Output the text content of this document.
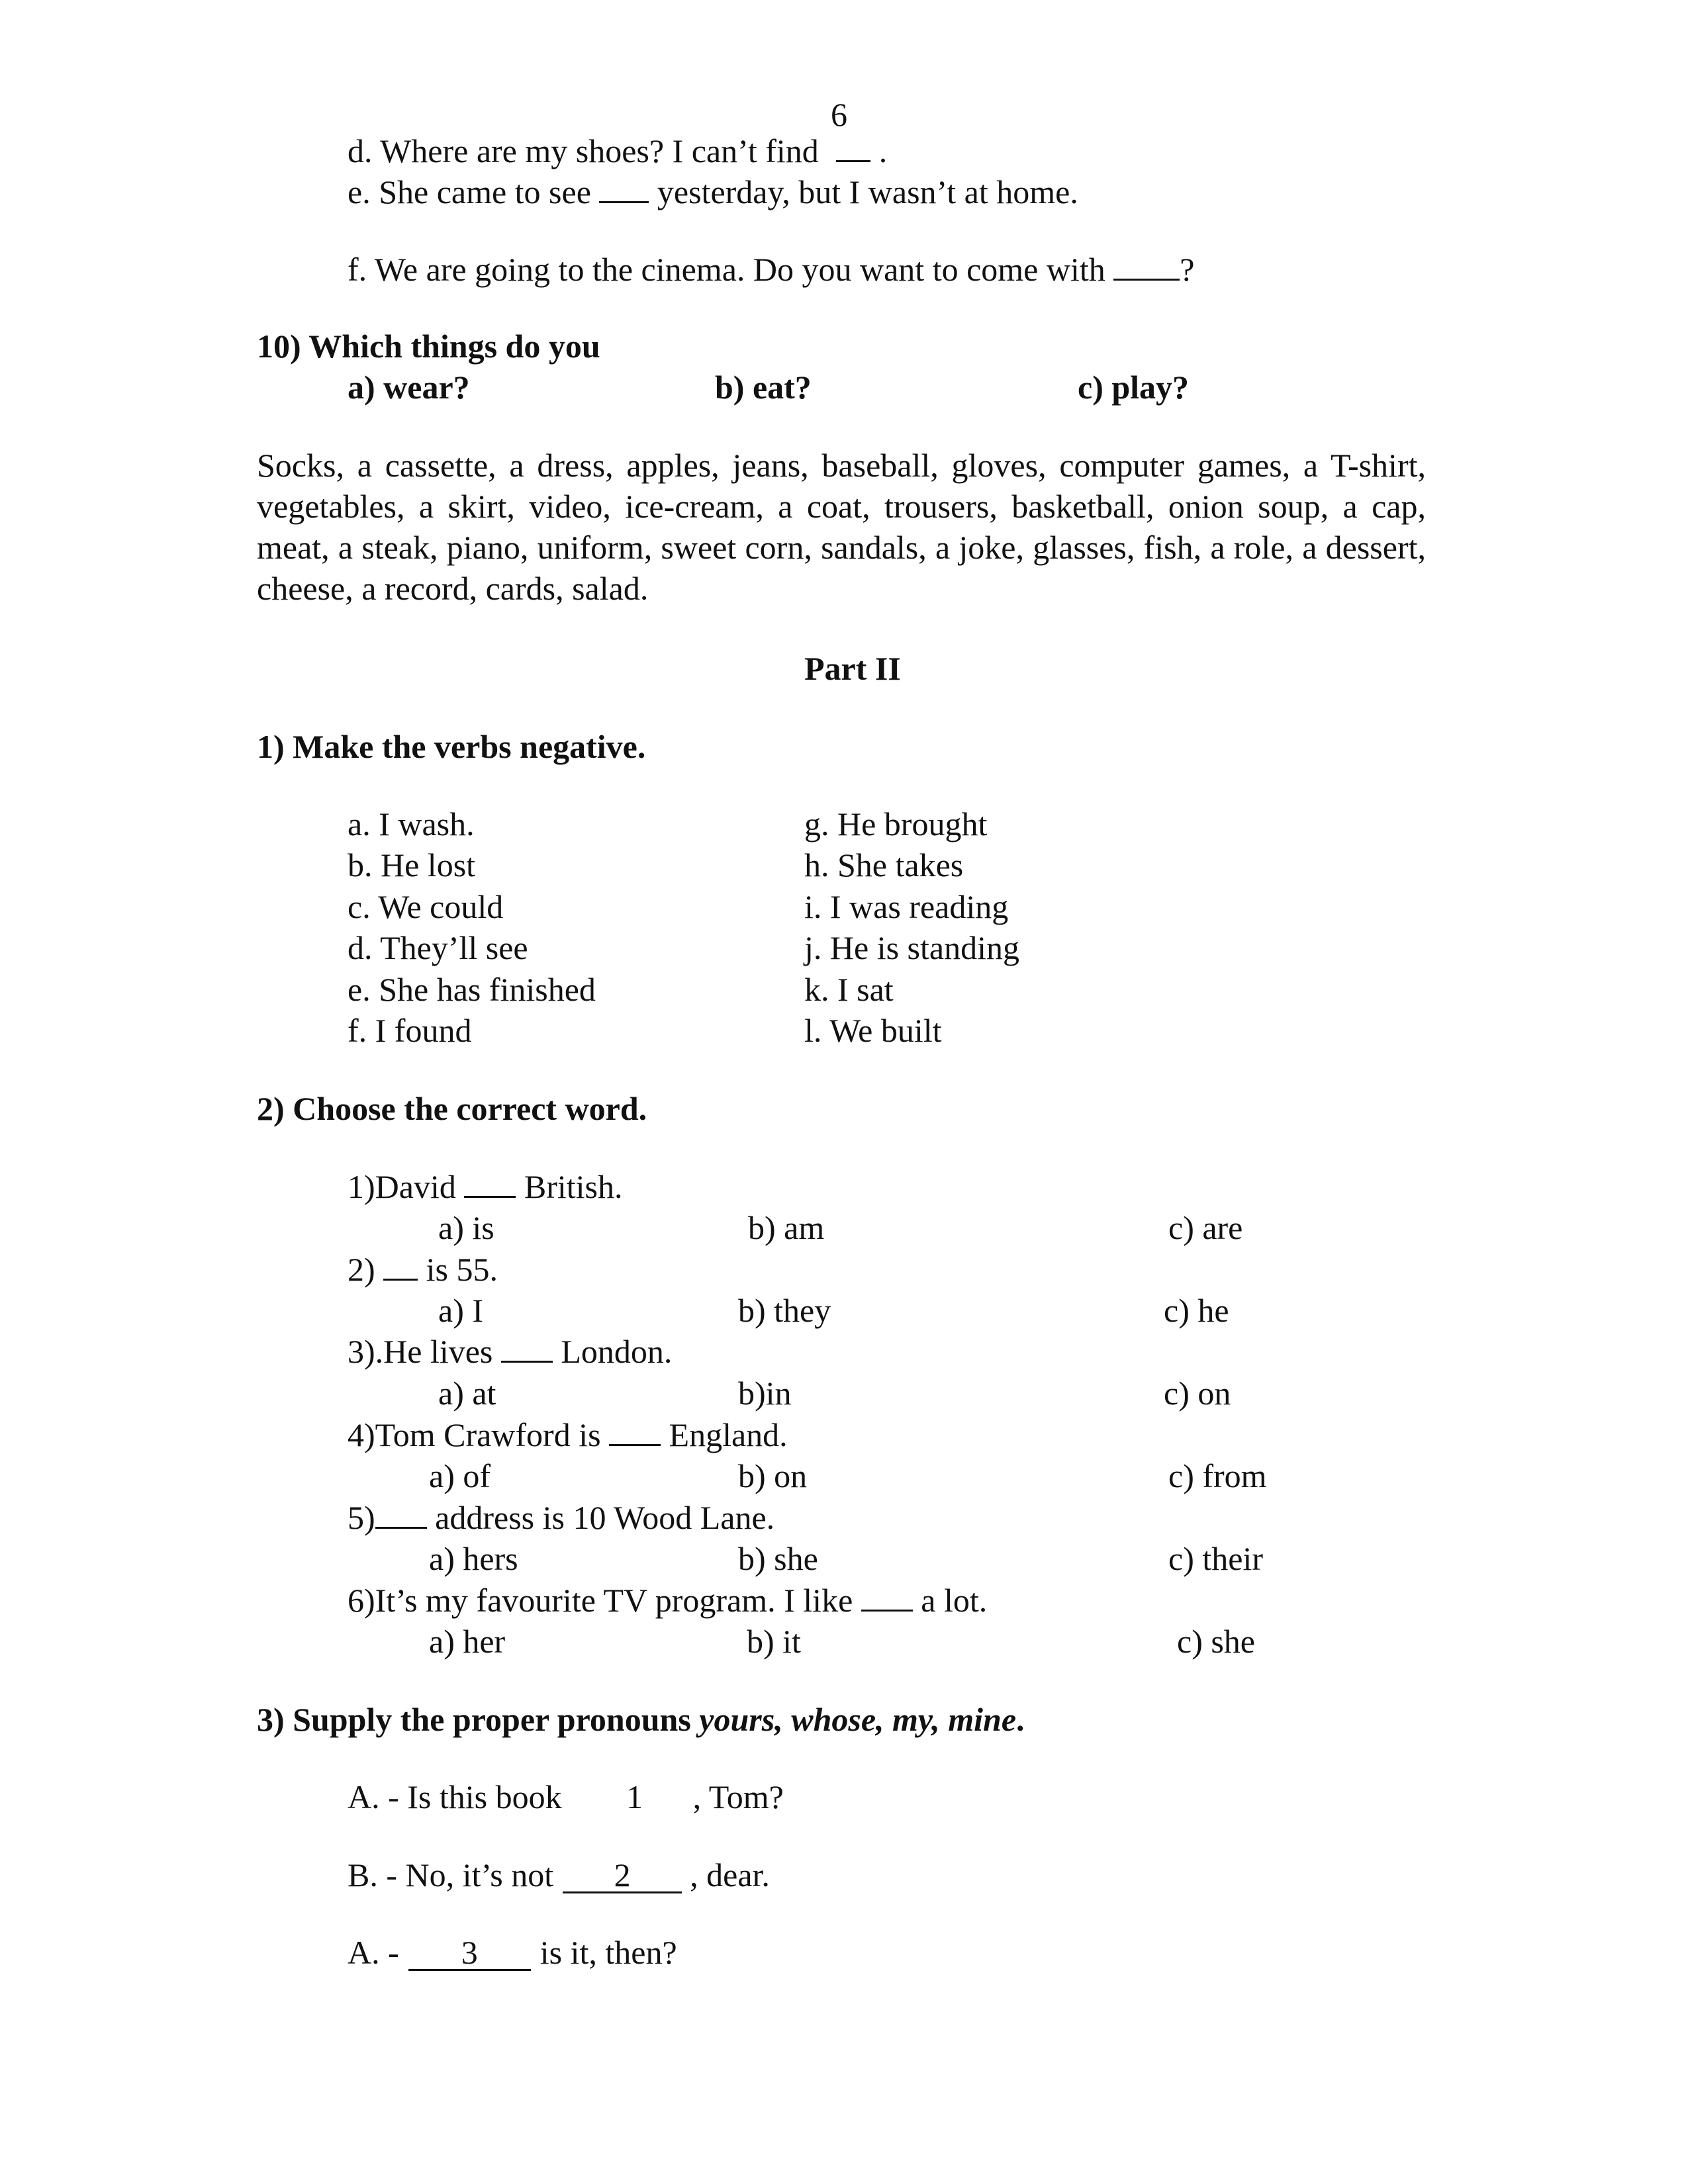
6
d. Where are my shoes? I can’t find  .
e. She came to see  yesterday, but I wasn’t at home.
f. We are going to the cinema. Do you want to come with ?
10) Which things do you
a) wear?	b) eat?	c) play?
Socks, a cassette, a dress, apples, jeans, baseball, gloves, computer games, a T-shirt, vegetables, a skirt, video, ice-cream, a coat, trousers, basketball, onion soup, a cap, meat, a steak, piano, uniform, sweet corn, sandals, a joke, glasses, fish, a role, a dessert, cheese, a record, cards, salad.
Part II
1) Make the verbs negative.
a. I wash.
b. He lost
c. We could
d. They’ll see
e. She has finished
f. I found
g. He brought
h. She takes
i. I was reading
j. He is standing
k. I sat
l. We built
2) Choose the correct word.
1)David  British.
a) is	b) am	c) are
2)  is 55.
a) I	b) they	c) he
3).He lives  London.
a) at	b)in	c) on
4)Tom Crawford is  England.
a) of	b) on	c) from
5) address is 10 Wood Lane.
a) hers	b) she	c) their
6)It’s my favourite TV program. I like  a lot.
a) her	b) it	c) she
3) Supply the proper pronouns yours, whose, my, mine.
A. - Is this book 1 , Tom?
B. - No, it’s not 2 , dear.
A. - 3 is it, then?
